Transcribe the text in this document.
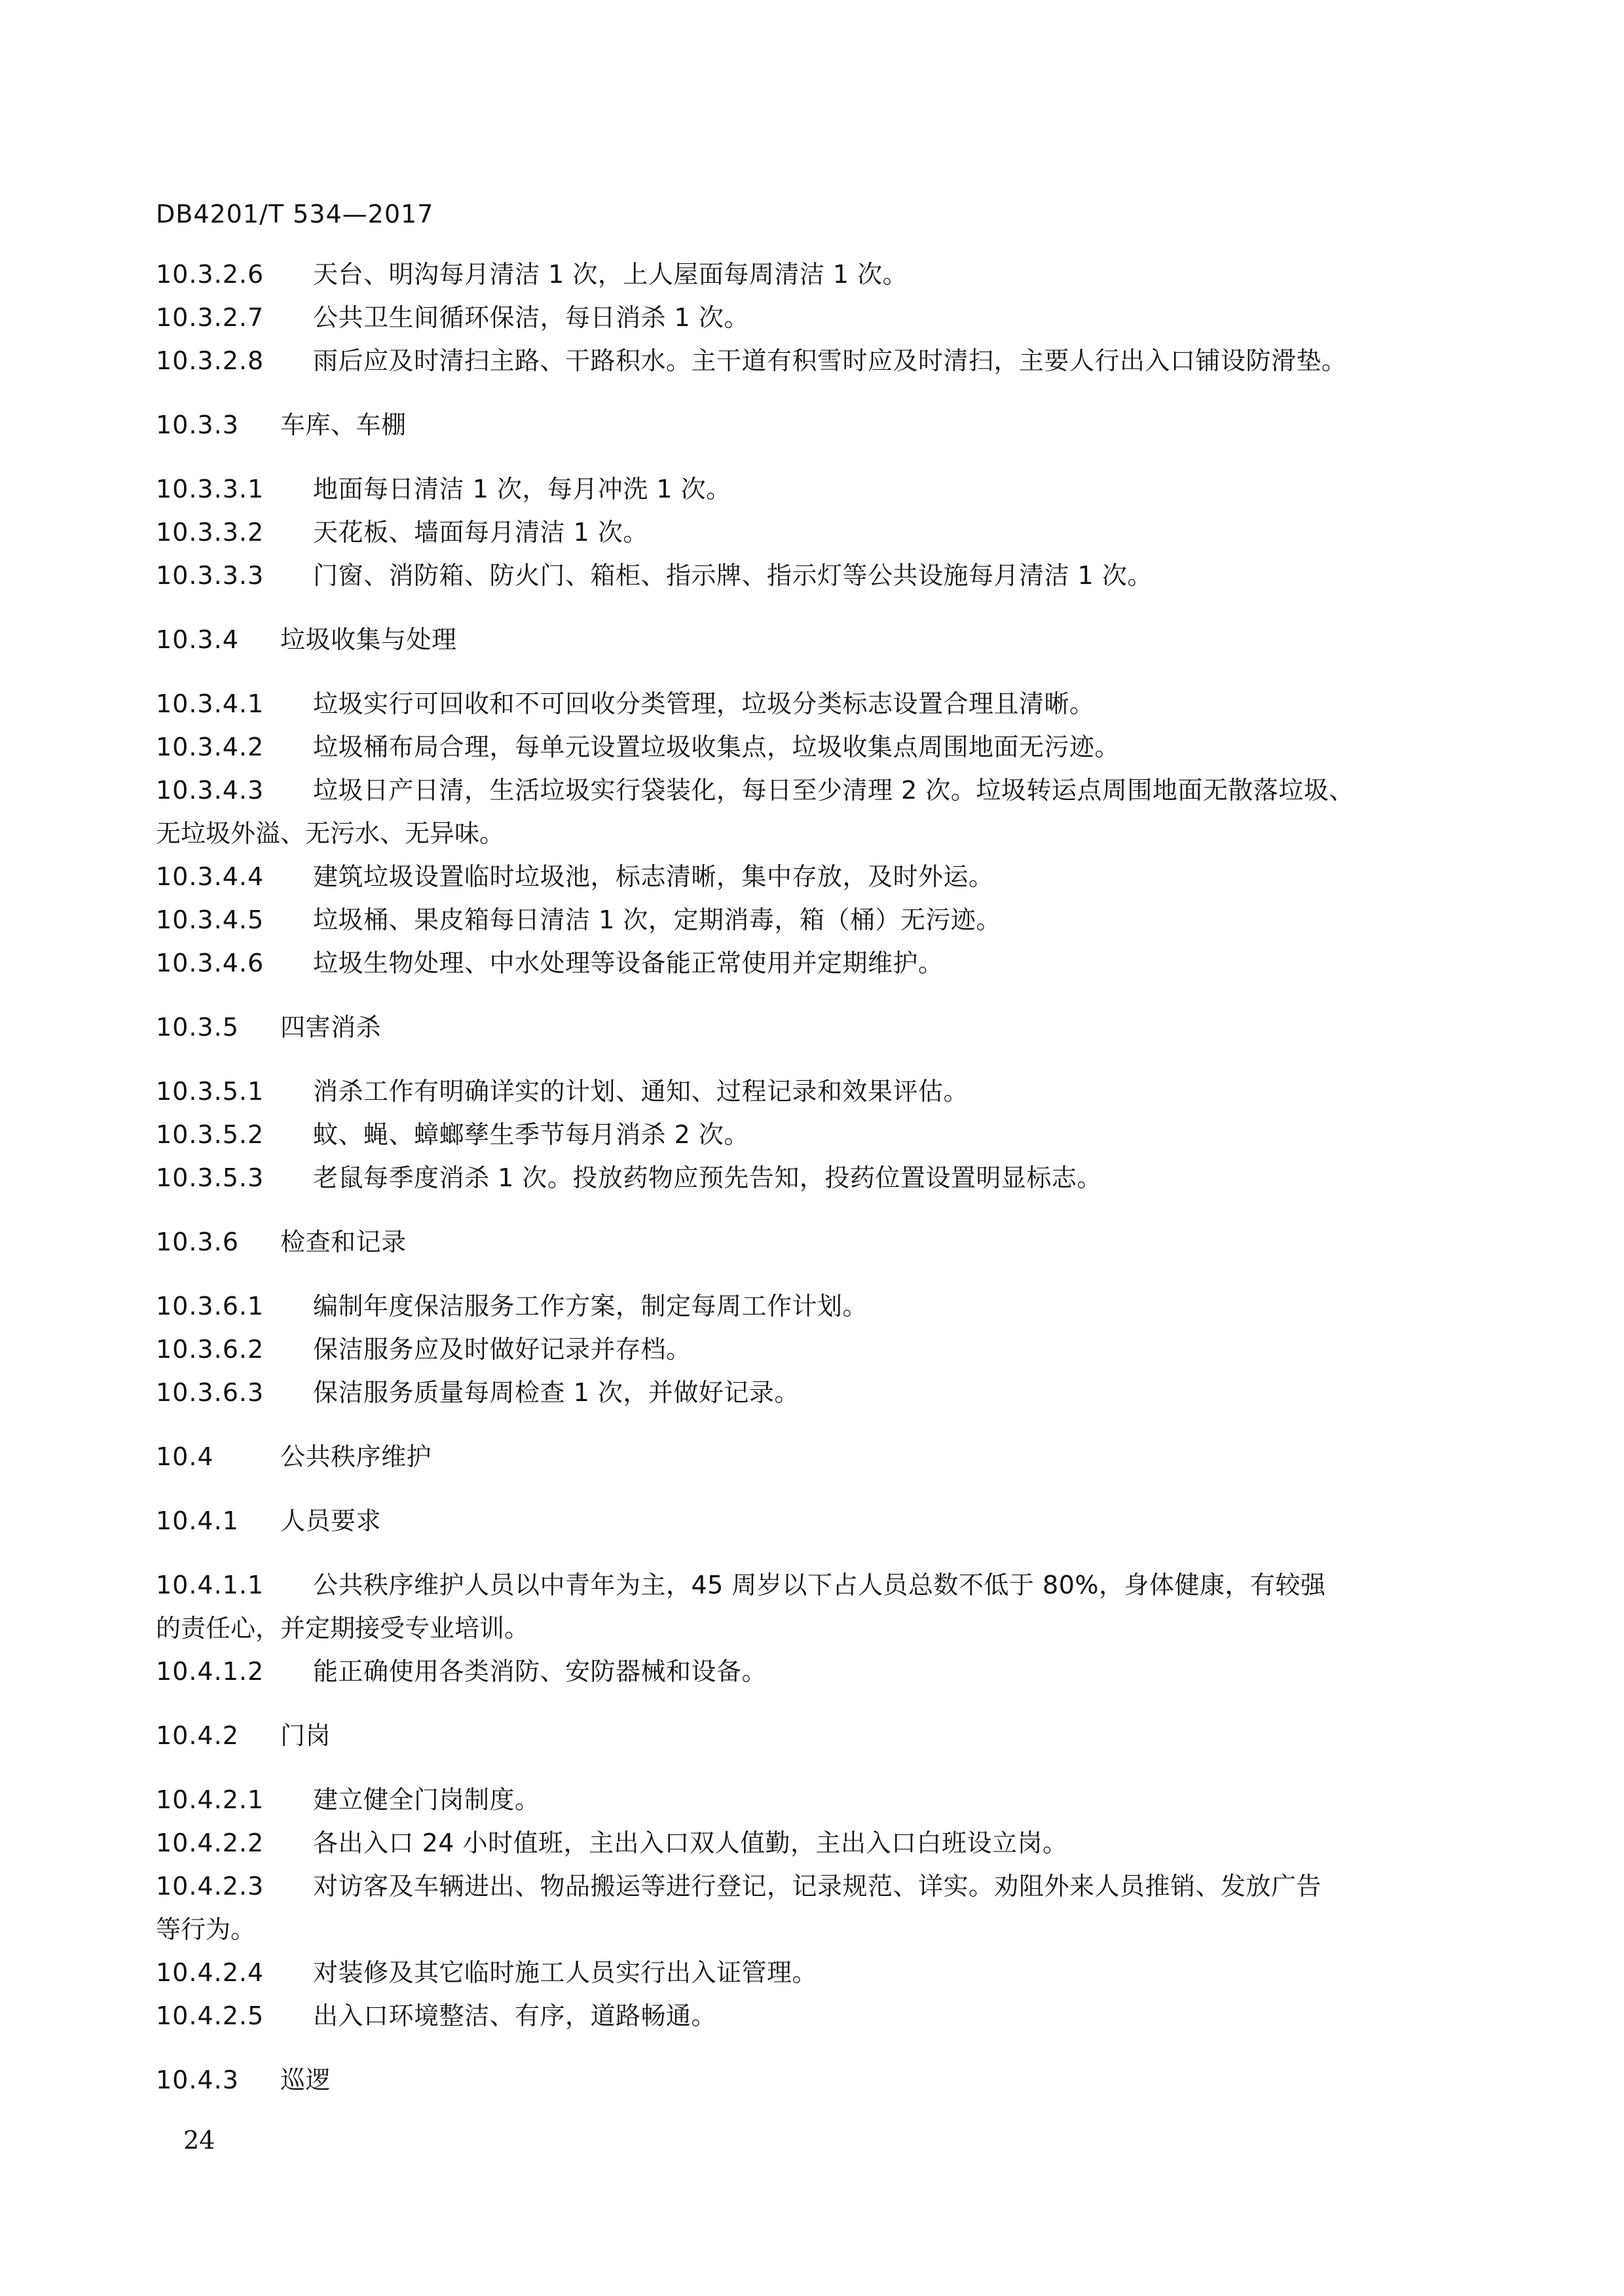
DB4201/T 534—2017
10.3.2.6 天台、明沟每月清洁 1 次，上人屋面每周清洁 1 次。
10.3.2.7 公共卫生间循环保洁，每日消杀 1 次。
10.3.2.8 雨后应及时清扫主路、干路积水。主干道有积雪时应及时清扫，主要人行出入口铺设防滑垫。
10.3.3 车库、车棚
10.3.3.1 地面每日清洁 1 次，每月冲洗 1 次。
10.3.3.2 天花板、墙面每月清洁 1 次。
10.3.3.3 门窗、消防箱、防火门、箱柜、指示牌、指示灯等公共设施每月清洁 1 次。
10.3.4 垃圾收集与处理
10.3.4.1 垃圾实行可回收和不可回收分类管理，垃圾分类标志设置合理且清晰。
10.3.4.2 垃圾桶布局合理，每单元设置垃圾收集点，垃圾收集点周围地面无污迹。
10.3.4.3 垃圾日产日清，生活垃圾实行袋装化，每日至少清理 2 次。垃圾转运点周围地面无散落垃圾、
无垃圾外溢、无污水、无异味。
10.3.4.4 建筑垃圾设置临时垃圾池，标志清晰，集中存放，及时外运。
10.3.4.5 垃圾桶、果皮箱每日清洁 1 次，定期消毒，箱（桶）无污迹。
10.3.4.6 垃圾生物处理、中水处理等设备能正常使用并定期维护。
10.3.5 四害消杀
10.3.5.1 消杀工作有明确详实的计划、通知、过程记录和效果评估。
10.3.5.2 蚊、蝇、蟑螂孳生季节每月消杀 2 次。
10.3.5.3 老鼠每季度消杀 1 次。投放药物应预先告知，投药位置设置明显标志。
10.3.6 检查和记录
10.3.6.1 编制年度保洁服务工作方案，制定每周工作计划。
10.3.6.2 保洁服务应及时做好记录并存档。
10.3.6.3 保洁服务质量每周检查 1 次，并做好记录。
10.4	公共秩序维护
10.4.1 人员要求
10.4.1.1 公共秩序维护人员以中青年为主，45 周岁以下占人员总数不低于 80%，身体健康，有较强
的责任心，并定期接受专业培训。
10.4.1.2 能正确使用各类消防、安防器械和设备。
10.4.2 门岗
10.4.2.1 建立健全门岗制度。
10.4.2.2 各出入口 24 小时值班，主出入口双人值勤，主出入口白班设立岗。
10.4.2.3 对访客及车辆进出、物品搬运等进行登记，记录规范、详实。劝阻外来人员推销、发放广告
等行为。
10.4.2.4 对装修及其它临时施工人员实行出入证管理。
10.4.2.5 出入口环境整洁、有序，道路畅通。
10.4.3 巡逻
24
